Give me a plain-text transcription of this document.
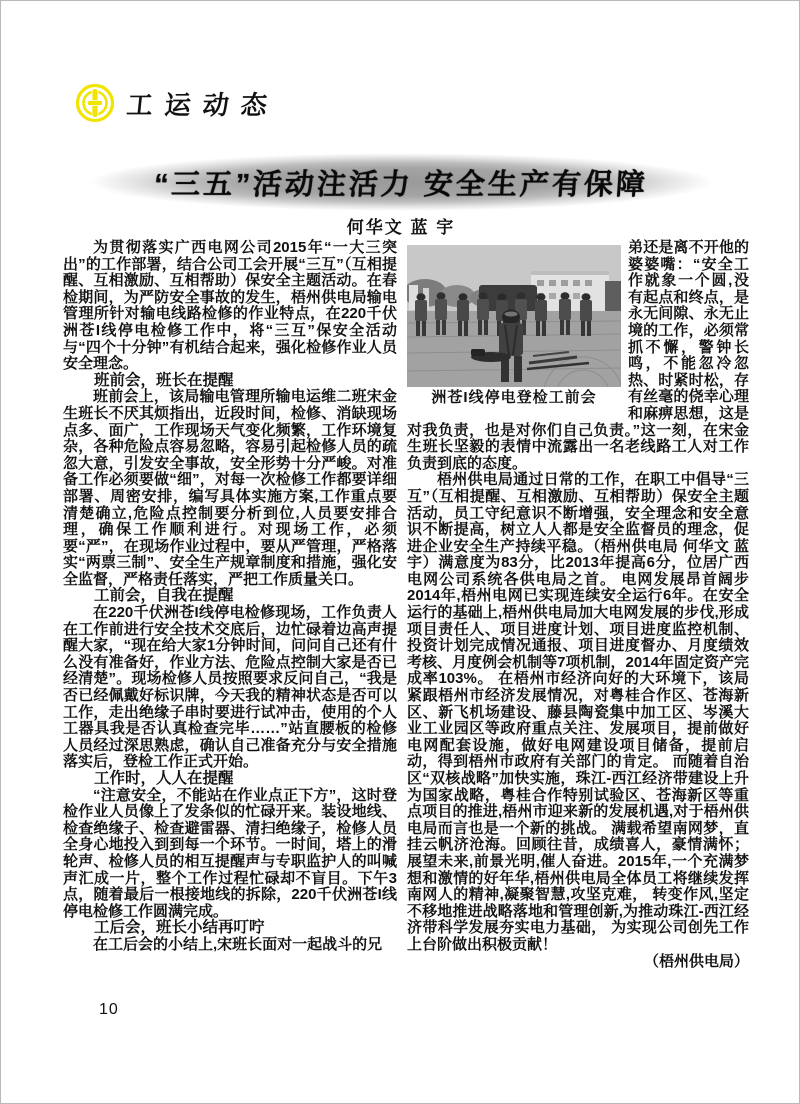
工运动态
“三五”活动注活力 安全生产有保障
何华文 蓝 宇

为贯彻落实广西电网公司2015年“一大三突出”的工作部署，结合公司工会开展“三互”（互相提醒、互相激励、互相帮助）保安全主题活动。在春检期间，为严防安全事故的发生，梧州供电局输电管理所针对输电线路检修的作业特点，在220千伏洲苍I线停电检修工作中，将“三互”保安全活动与“四个十分钟”有机结合起来，强化检修作业人员安全理念。

班前会，班长在提醒

班前会上，该局输电管理所输电运维二班宋金生班长不厌其烦指出，近段时间，检修、消缺现场点多、面广，工作现场天气变化频繁，工作环境复杂，各种危险点容易忽略，容易引起检修人员的疏忽大意，引发安全事故，安全形势十分严峻。对准备工作必须要做“细”，对每一次检修工作都要详细部署、周密安排，编写具体实施方案,工作重点要清楚确立,危险点控制要分析到位,人员要安排合理，确保工作顺利进行。对现场工作，必须要“严”，在现场作业过程中，要从严管理，严格落实“两票三制”、安全生产规章制度和措施，强化安全监督，严格责任落实，严把工作质量关口。

工前会，自我在提醒

在220千伏洲苍I线停电检修现场，工作负责人在工作前进行安全技术交底后，边忙碌着边高声提醒大家，“现在给大家1分钟时间，问问自己还有什么没有准备好，作业方法、危险点控制大家是否已经清楚”。现场检修人员按照要求反问自己，“我是否已经佩戴好标识牌，今天我的精神状态是否可以工作，走出绝缘子串时要进行试冲击，使用的个人工器具我是否认真检查完毕……”站直腰板的检修人员经过深思熟虑，确认自己准备充分与安全措施落实后，登检工作正式开始。

工作时，人人在提醒

“注意安全，不能站在作业点正下方”，这时登检作业人员像上了发条似的忙碌开来。装设地线、检查绝缘子、检查避雷器、清扫绝缘子，检修人员全身心地投入到到每一个环节。一时间，塔上的滑轮声、检修人员的相互提醒声与专职监护人的叫喊声汇成一片，整个工作过程忙碌却不盲目。下午3点，随着最后一根接地线的拆除，220千伏洲苍I线停电检修工作圆满完成。

工后会，班长小结再叮咛

在工后会的小结上,宋班长面对一起战斗的兄

洲苍I线停电登检工前会

弟还是离不开他的婆婆嘴：“安全工作就象一个圆,没有起点和终点，是永无间隙、永无止境的工作，必须常抓不懈，警钟长鸣，不能忽冷忽热、时紧时松，存有丝毫的侥幸心理和麻痹思想，这是对我负责，也是对你们自己负责。”这一刻，在宋金生班长坚毅的表情中流露出一名老线路工人对工作负责到底的态度。

梧州供电局通过日常的工作，在职工中倡导“三互”（互相提醒、互相激励、互相帮助）保安全主题活动，员工守纪意识不断增强，安全理念和安全意识不断提高，树立人人都是安全监督员的理念，促进企业安全生产持续平稳。（梧州供电局 何华文 蓝宇）满意度为83分，比2013年提高6分，位居广西电网公司系统各供电局之首。 电网发展昂首阔步 2014年,梧州电网已实现连续安全运行6年。在安全运行的基础上,梧州供电局加大电网发展的步伐,形成项目责任人、项目进度计划、项目进度监控机制、投资计划完成情况通报、项目进度督办、月度绩效考核、月度例会机制等7项机制，2014年固定资产完成率103%。 在梧州市经济向好的大环境下，该局紧跟梧州市经济发展情况，对粤桂合作区、苍海新区、新飞机场建设、藤县陶瓷集中加工区、岑溪大业工业园区等政府重点关注、发展项目，提前做好电网配套设施，做好电网建设项目储备，提前启动，得到梧州市政府有关部门的肯定。 而随着自治区“双核战略”加快实施，珠江-西江经济带建设上升为国家战略，粤桂合作特别试验区、苍海新区等重点项目的推进,梧州市迎来新的发展机遇,对于梧州供电局而言也是一个新的挑战。 满载希望南网梦，直挂云帆济沧海。回顾往昔，成绩喜人，豪情满怀；展望未来,前景光明,催人奋进。2015年,一个充满梦想和激情的好年华,梧州供电局全体员工将继续发挥南网人的精神,凝聚智慧,攻坚克难， 转变作风,坚定不移地推进战略落地和管理创新,为推动珠江-西江经济带科学发展夯实电力基础， 为实现公司创先工作上台阶做出积极贡献！

（梧州供电局）

10
